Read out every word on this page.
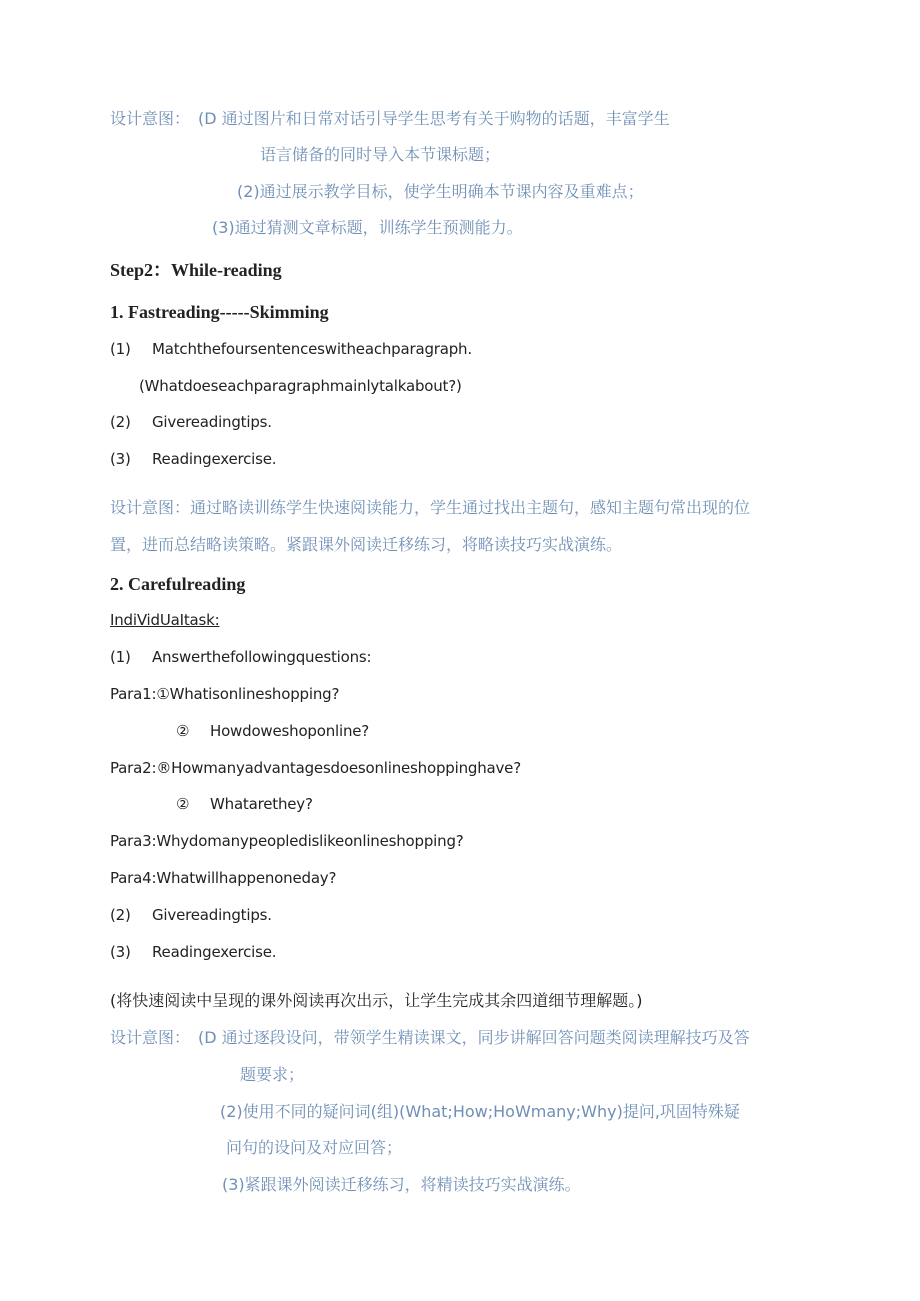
设计意图： (D 通过图片和日常对话引导学生思考有关于购物的话题，丰富学生
语言储备的同时导入本节课标题；
(2)通过展示教学目标，使学生明确本节课内容及重难点；
(3)通过猜测文章标题，训练学生预测能力。
Step2：While-reading
1. Fastreading-----Skimming
(1) Matchthefoursentenceswitheachparagraph.
(Whatdoeseachparagraphmainlytalkabout?)
(2) Givereadingtips.
(3) Readingexercise.
设计意图：通过略读训练学生快速阅读能力，学生通过找出主题句，感知主题句常出现的位
置，进而总结略读策略。紧跟课外阅读迁移练习，将略读技巧实战演练。
2. Carefulreading
IndiVidUaItask:
(1) Answerthefollowingquestions:
Para1:①Whatisonlineshopping?
② Howdoweshoponline?
Para2:®Howmanyadvantagesdoesonlineshoppinghave?
② Whatarethey?
Para3:Whydomanypeopledislikeonlineshopping?
Para4:Whatwillhappenoneday?
(2) Givereadingtips.
(3) Readingexercise.
(将快速阅读中呈现的课外阅读再次出示，让学生完成其余四道细节理解题。)
设计意图： (D 通过逐段设问，带领学生精读课文，同步讲解回答问题类阅读理解技巧及答
题要求；
(2)使用不同的疑问词(组)(What;How;HoWmany;Why)提问,巩固特殊疑
问句的设问及对应回答；
(3)紧跟课外阅读迁移练习，将精读技巧实战演练。
